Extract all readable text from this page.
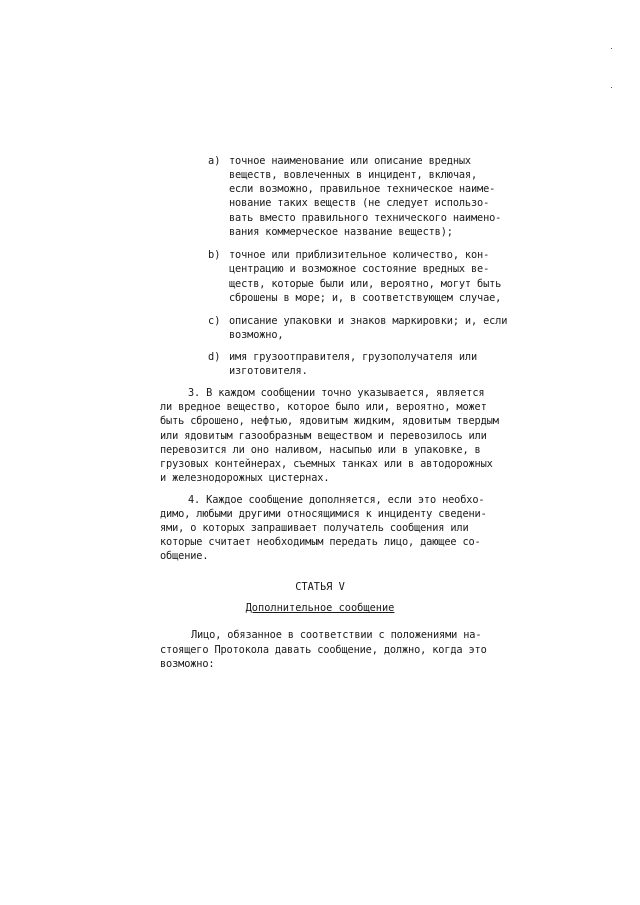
a) точное наименование или описание вредных
веществ, вовлеченных в инцидент, включая,
если возможно, правильное техническое наиме-
нование таких веществ (не следует использо-
вать вместо правильного технического наимено-
вания коммерческое название веществ);
b) точное или приблизительное количество, кон-
центрацию и возможное состояние вредных ве-
ществ, которые были или, вероятно, могут быть
сброшены в море; и, в соответствующем случае,
c) описание упаковки и знаков маркировки; и, если
возможно,
d) имя грузоотправителя, грузополучателя или
изготовителя.
3. В каждом сообщении точно указывается, является
ли вредное вещество, которое было или, вероятно, может
быть сброшено, нефтью, ядовитым жидким, ядовитым твердым
или ядовитым газообразным веществом и перевозилось или
перевозится ли оно наливом, насыпью или в упаковке, в
грузовых контейнерах, съемных танках или в автодорожных
и железнодорожных цистернах.
4. Каждое сообщение дополняется, если это необхо-
димо, любыми другими относящимися к инциденту сведени-
ями, о которых запрашивает получатель сообщения или
которые считает необходимым передать лицо, дающее со-
общение.
СТАТЬЯ V
Дополнительное сообщение
Лицо, обязанное в соответствии с положениями на-
стоящего Протокола давать сообщение, должно, когда это
возможно:
